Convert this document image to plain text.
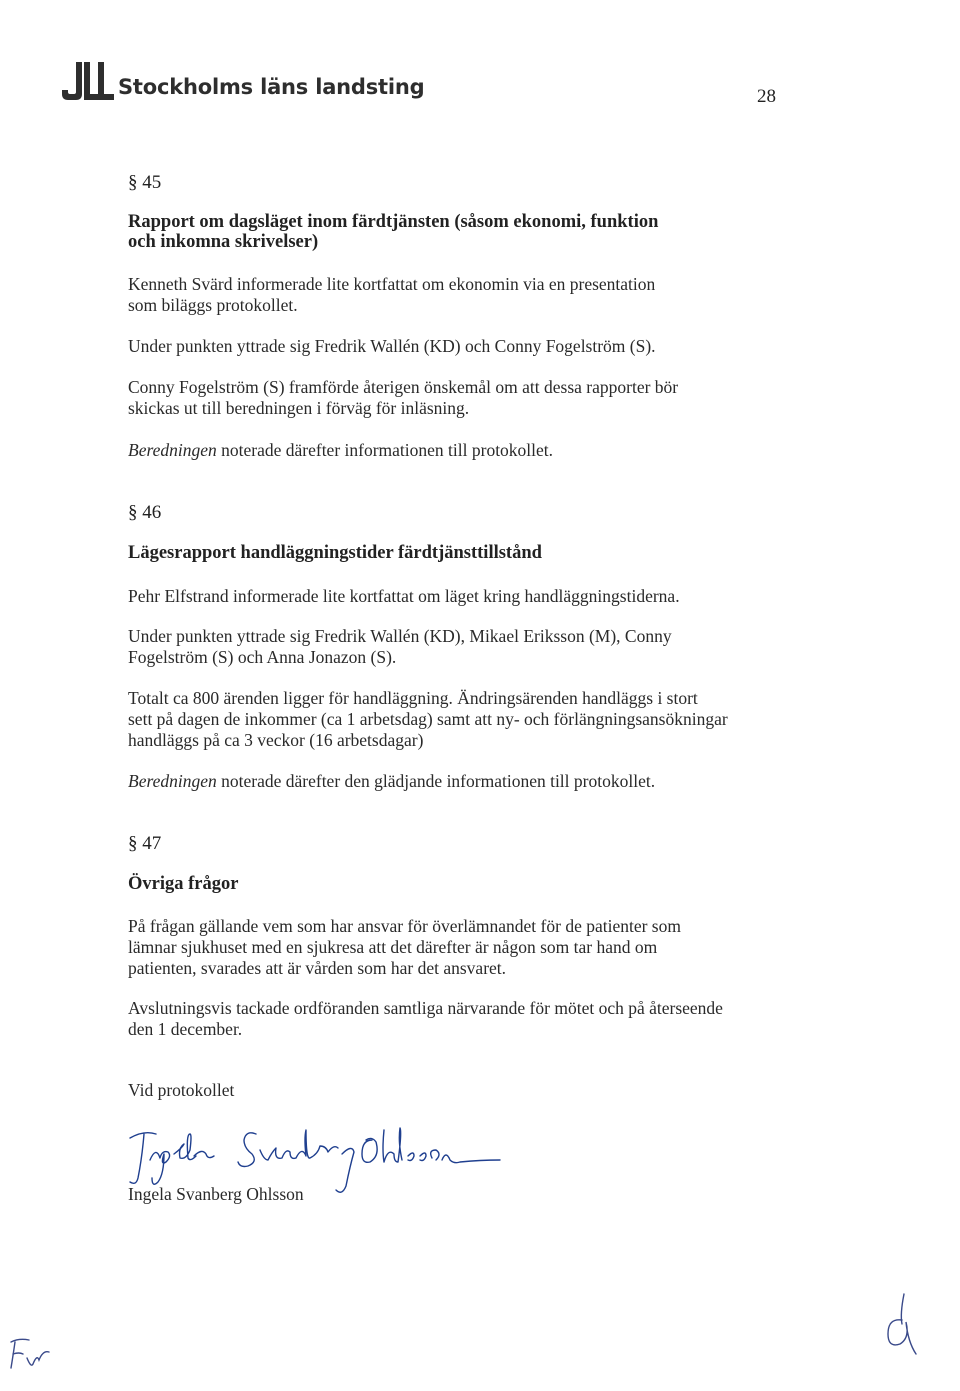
Stockholms läns landsting	28
§ 45
Rapport om dagsläget inom färdtjänsten (såsom ekonomi, funktion
och inkomna skrivelser)

Kenneth Svärd informerade lite kortfattat om ekonomin via en presentation
som biläggs protokollet.

Under punkten yttrade sig Fredrik Wallén (KD) och Conny Fogelström (S).

Conny Fogelström (S) framförde återigen önskemål om att dessa rapporter bör
skickas ut till beredningen i förväg för inläsning.

Beredningen noterade därefter informationen till protokollet.

§ 46
Lägesrapport handläggningstider färdtjänsttillstånd

Pehr Elfstrand informerade lite kortfattat om läget kring handläggningstiderna.

Under punkten yttrade sig Fredrik Wallén (KD), Mikael Eriksson (M), Conny
Fogelström (S) och Anna Jonazon (S).

Totalt ca 800 ärenden ligger för handläggning. Ändringsärenden handläggs i stort
sett på dagen de inkommer (ca 1 arbetsdag) samt att ny- och förlängningsansökningar
handläggs på ca 3 veckor (16 arbetsdagar)

Beredningen noterade därefter den glädjande informationen till protokollet.

§ 47
Övriga frågor

På frågan gällande vem som har ansvar för överlämnandet för de patienter som
lämnar sjukhuset med en sjukresa att det därefter är någon som tar hand om
patienten, svarades att är vården som har det ansvaret.

Avslutningsvis tackade ordföranden samtliga närvarande för mötet och på återseende
den 1 december.

Vid protokollet

Ingela Svanberg Ohlsson
